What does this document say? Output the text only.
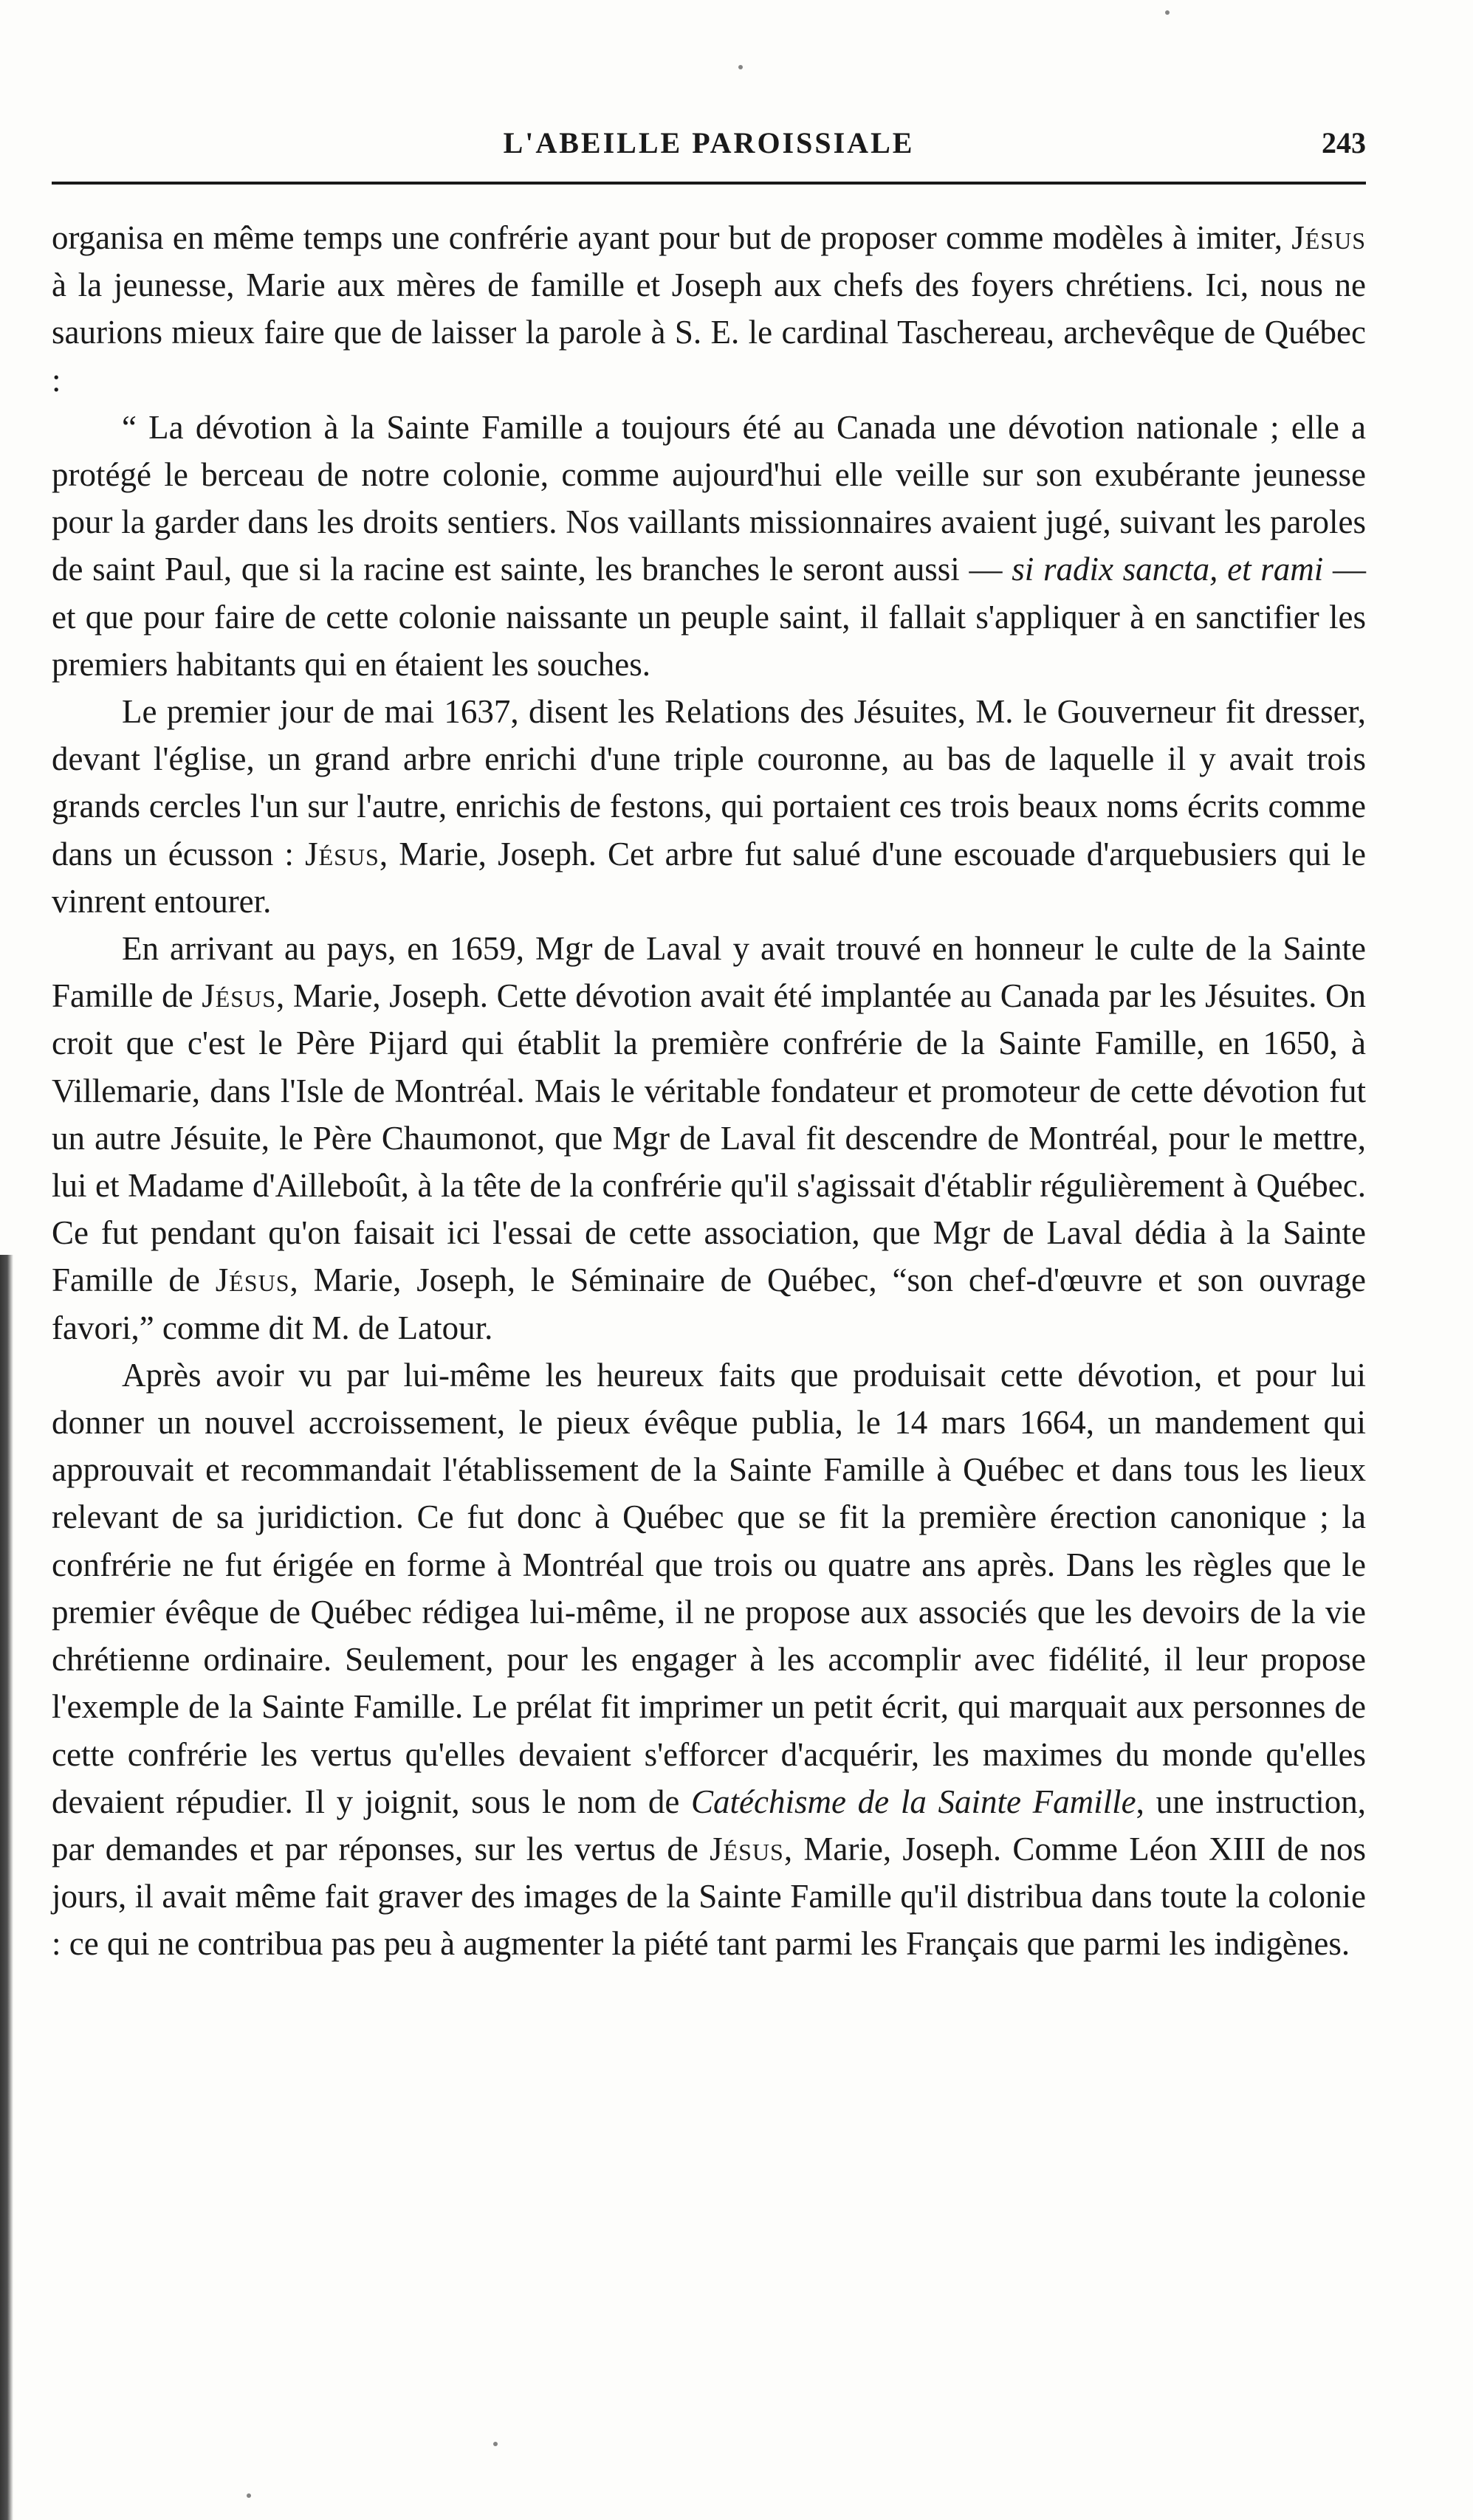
L'ABEILLE PAROISSIALE	243

organisa en même temps une confrérie ayant pour but de proposer comme modèles à imiter, Jésus à la jeunesse, Marie aux mères de famille et Joseph aux chefs des foyers chrétiens. Ici, nous ne saurions mieux faire que de laisser la parole à S. E. le cardinal Taschereau, archevêque de Québec :

“ La dévotion à la Sainte Famille a toujours été au Canada une dévotion nationale ; elle a protégé le berceau de notre colonie, comme aujourd'hui elle veille sur son exubérante jeunesse pour la garder dans les droits sentiers. Nos vaillants missionnaires avaient jugé, suivant les paroles de saint Paul, que si la racine est sainte, les branches le seront aussi — si radix sancta, et rami — et que pour faire de cette colonie naissante un peuple saint, il fallait s'appliquer à en sanctifier les premiers habitants qui en étaient les souches.

Le premier jour de mai 1637, disent les Relations des Jésuites, M. le Gouverneur fit dresser, devant l'église, un grand arbre enrichi d'une triple couronne, au bas de laquelle il y avait trois grands cercles l'un sur l'autre, enrichis de festons, qui portaient ces trois beaux noms écrits comme dans un écusson : Jésus, Marie, Joseph. Cet arbre fut salué d'une escouade d'arquebusiers qui le vinrent entourer.

En arrivant au pays, en 1659, Mgr de Laval y avait trouvé en honneur le culte de la Sainte Famille de Jésus, Marie, Joseph. Cette dévotion avait été implantée au Canada par les Jésuites. On croit que c'est le Père Pijard qui établit la première confrérie de la Sainte Famille, en 1650, à Villemarie, dans l'Isle de Montréal. Mais le véritable fondateur et promoteur de cette dévotion fut un autre Jésuite, le Père Chaumonot, que Mgr de Laval fit descendre de Montréal, pour le mettre, lui et Madame d'Ailleboût, à la tête de la confrérie qu'il s'agissait d'établir régulièrement à Québec. Ce fut pendant qu'on faisait ici l'essai de cette association, que Mgr de Laval dédia à la Sainte Famille de Jésus, Marie, Joseph, le Séminaire de Québec, “son chef-d'œuvre et son ouvrage favori,” comme dit M. de Latour.

Après avoir vu par lui-même les heureux faits que produisait cette dévotion, et pour lui donner un nouvel accroissement, le pieux évêque publia, le 14 mars 1664, un mandement qui approuvait et recommandait l'établissement de la Sainte Famille à Québec et dans tous les lieux relevant de sa juridiction. Ce fut donc à Québec que se fit la première érection canonique ; la confrérie ne fut érigée en forme à Montréal que trois ou quatre ans après. Dans les règles que le premier évêque de Québec rédigea lui-même, il ne propose aux associés que les devoirs de la vie chrétienne ordinaire. Seulement, pour les engager à les accomplir avec fidélité, il leur propose l'exemple de la Sainte Famille. Le prélat fit imprimer un petit écrit, qui marquait aux personnes de cette confrérie les vertus qu'elles devaient s'efforcer d'acquérir, les maximes du monde qu'elles devaient répudier. Il y joignit, sous le nom de Catéchisme de la Sainte Famille, une instruction, par demandes et par réponses, sur les vertus de Jésus, Marie, Joseph. Comme Léon XIII de nos jours, il avait même fait graver des images de la Sainte Famille qu'il distribua dans toute la colonie : ce qui ne contribua pas peu à augmenter la piété tant parmi les Français que parmi les indigènes.
